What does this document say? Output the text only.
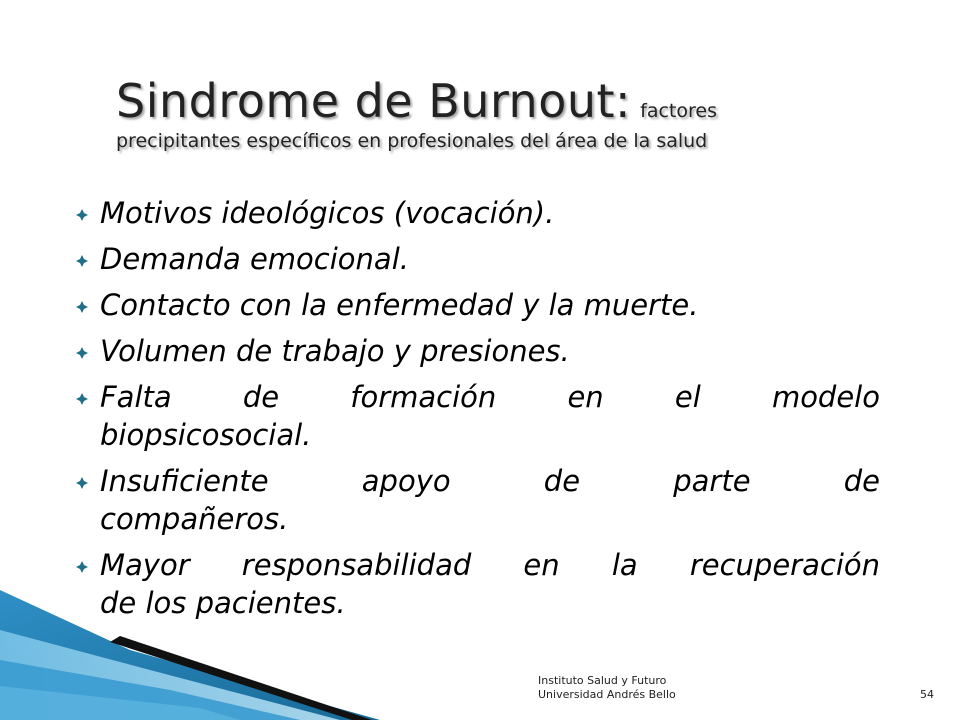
Sindrome de Burnout: factores
precipitantes específicos en profesionales del área de la salud
Motivos ideológicos (vocación).
Demanda emocional.
Contacto con la enfermedad y la muerte.
Volumen de trabajo y presiones.
Falta de formación en el modelo
biopsicosocial.
Insuficiente apoyo de parte de
compañeros.
Mayor responsabilidad en la recuperación
de los pacientes.
Instituto Salud y Futuro
Universidad Andrés Bello	54
